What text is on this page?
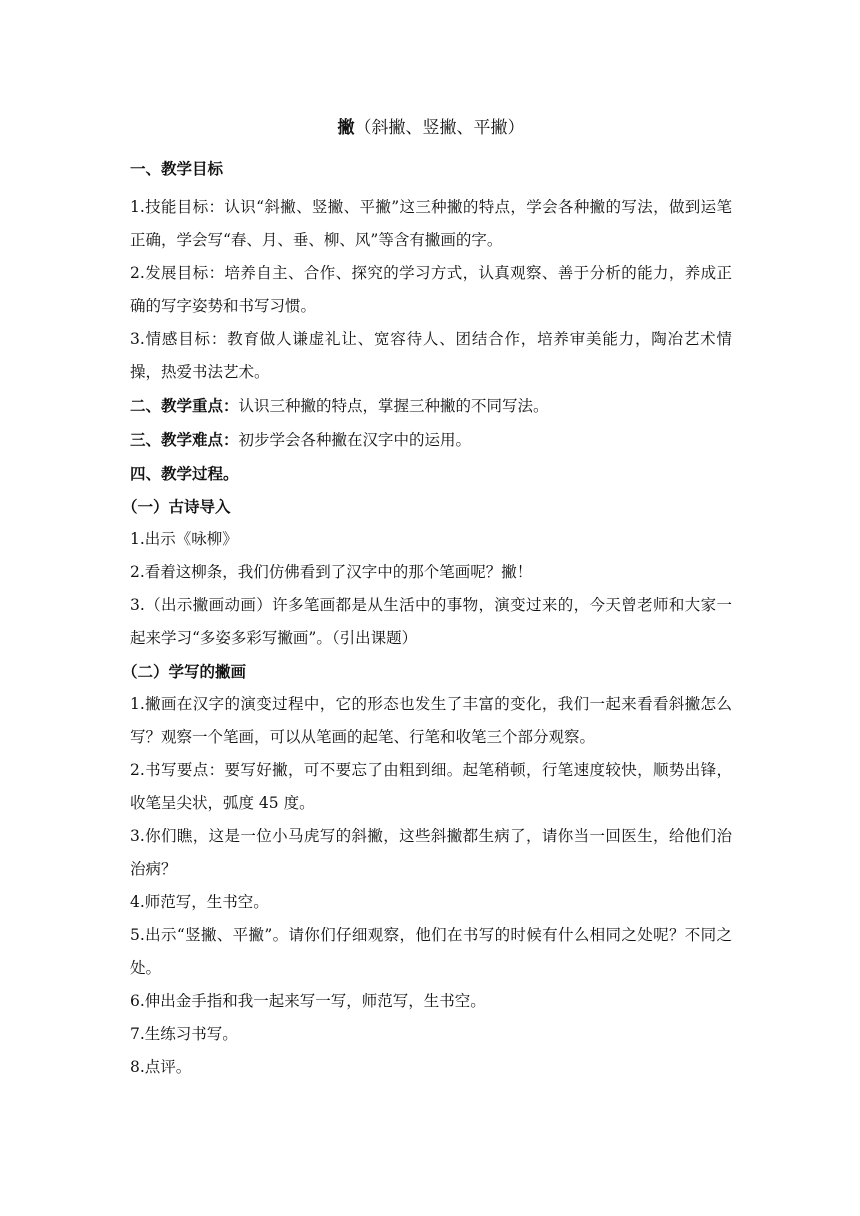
撇（斜撇、竖撇、平撇）
一、教学目标

1.技能目标：认识“斜撇、竖撇、平撇”这三种撇的特点，学会各种撇的写法，做到运笔正确，学会写“春、月、垂、柳、风”等含有撇画的字。

2.发展目标：培养自主、合作、探究的学习方式，认真观察、善于分析的能力，养成正确的写字姿势和书写习惯。

3.情感目标：教育做人谦虚礼让、宽容待人、团结合作，培养审美能力，陶冶艺术情操，热爱书法艺术。

二、教学重点：认识三种撇的特点，掌握三种撇的不同写法。

三、教学难点：初步学会各种撇在汉字中的运用。

四、教学过程。

（一）古诗导入

1.出示《咏柳》

2.看着这柳条，我们仿佛看到了汉字中的那个笔画呢？撇！

3.（出示撇画动画）许多笔画都是从生活中的事物，演变过来的，今天曾老师和大家一起来学习“多姿多彩写撇画”。（引出课题）

（二）学写的撇画

1.撇画在汉字的演变过程中，它的形态也发生了丰富的变化，我们一起来看看斜撇怎么写？观察一个笔画，可以从笔画的起笔、行笔和收笔三个部分观察。

2.书写要点：要写好撇，可不要忘了由粗到细。起笔稍顿，行笔速度较快，顺势出锋，收笔呈尖状，弧度 45 度。

3.你们瞧，这是一位小马虎写的斜撇，这些斜撇都生病了，请你当一回医生，给他们治治病？

4.师范写，生书空。

5.出示“竖撇、平撇”。请你们仔细观察，他们在书写的时候有什么相同之处呢？不同之处。

6.伸出金手指和我一起来写一写，师范写，生书空。

7.生练习书写。

8.点评。
